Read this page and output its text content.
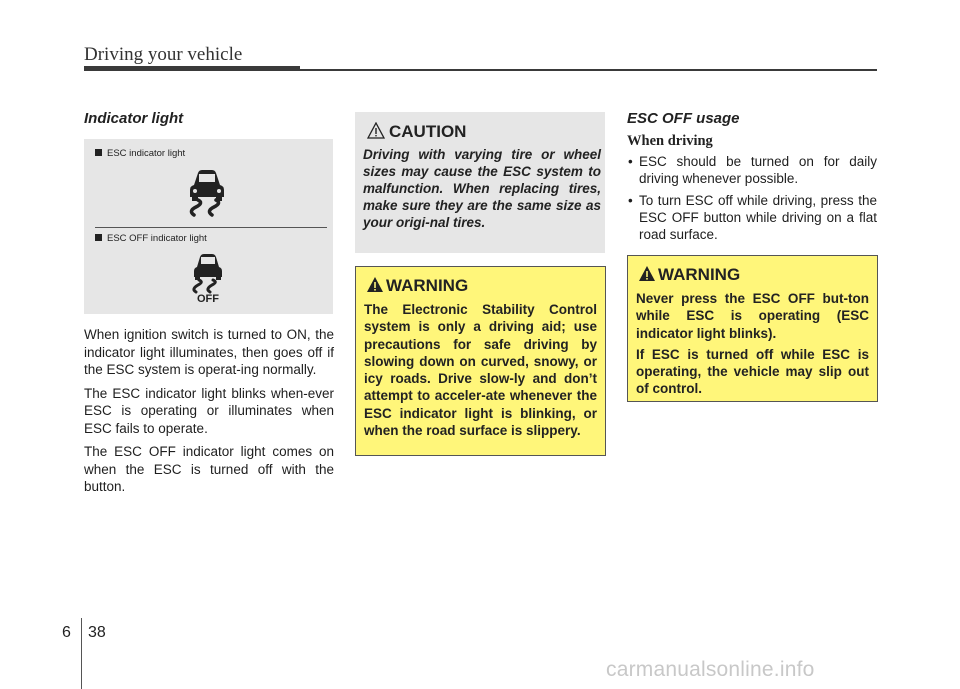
Driving your vehicle

Indicator light

ESC indicator light
ESC OFF indicator light
OFF

When ignition switch is turned to ON, the indicator light illuminates, then goes off if the ESC system is operat-ing normally.

The ESC indicator light blinks when-ever ESC is operating or illuminates when ESC fails to operate.

The ESC OFF indicator light comes on when the ESC is turned off with the button.

CAUTION

Driving with varying tire or wheel sizes may cause the ESC system to malfunction. When replacing tires, make sure they are the same size as your origi-nal tires.

WARNING

The Electronic Stability Control system is only a driving aid; use precautions for safe driving by slowing down on curved, snowy, or icy roads. Drive slow-ly and don’t attempt to acceler-ate whenever the ESC indicator light is blinking, or when the road surface is slippery.

ESC OFF usage

When driving

• ESC should be turned on for daily driving whenever possible.
• To turn ESC off while driving, press the ESC OFF button while driving on a flat road surface.
WARNING

Never press the ESC OFF but-ton while ESC is operating (ESC indicator light blinks).

If ESC is turned off while ESC is operating, the vehicle may slip out of control.

6 38
carmanualsonline.info
